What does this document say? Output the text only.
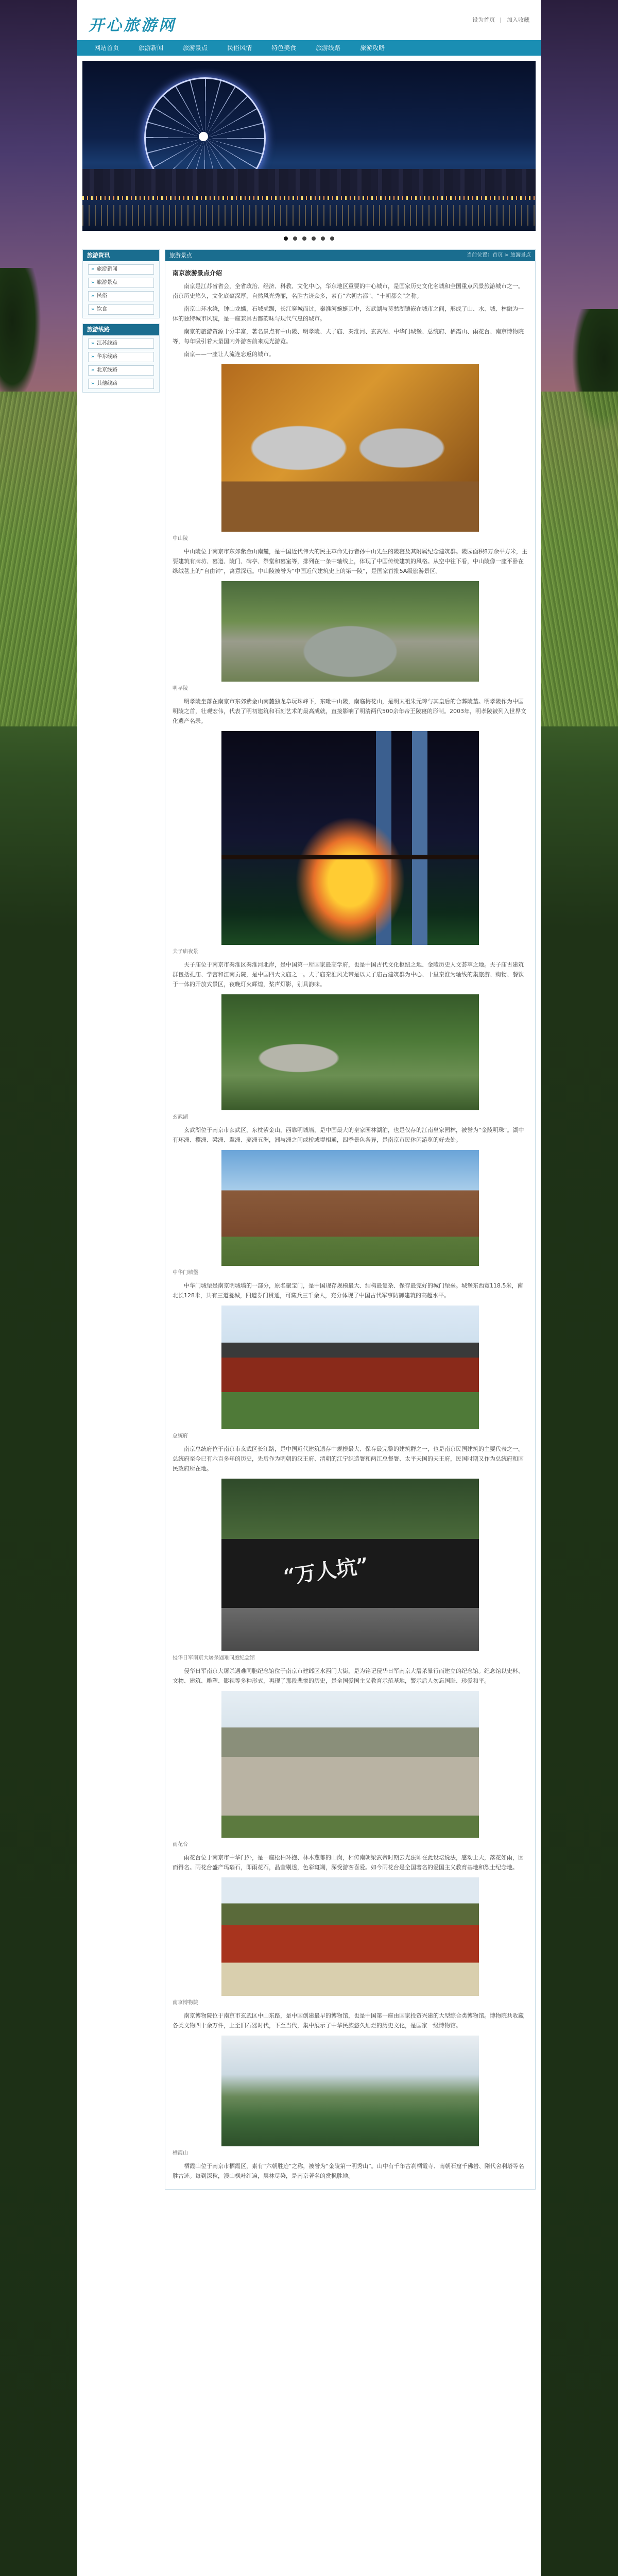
开心旅游网	设为首页 | 加入收藏
网站首页	旅游新闻	旅游景点	民俗风情	特色美食	旅游线路	旅游攻略

旅游资讯
» 旅游新闻
» 旅游景点
» 民俗
» 饮食
旅游线路
» 江苏线路
» 华东线路
» 北京线路
» 其他线路
旅游景点	当前位置：首页 > 旅游景点
南京旅游景点介绍

南京是江苏省省会，全省政治、经济、科教、文化中心，华东地区重要的中心城市，是国家历史文化名城和全国重点风景旅游城市之一。南京历史悠久，文化底蕴深厚，自然风光秀丽，名胜古迹众多，素有“六朝古都”、“十朝都会”之称。

南京山环水绕，钟山龙蟠，石城虎踞，长江穿城而过，秦淮河蜿蜒其中，玄武湖与莫愁湖镶嵌在城市之间，形成了山、水、城、林融为一体的独特城市风貌，是一座兼具古都韵味与现代气息的城市。

南京的旅游资源十分丰富，著名景点有中山陵、明孝陵、夫子庙、秦淮河、玄武湖、中华门城堡、总统府、栖霞山、雨花台、南京博物院等，每年吸引着大量国内外游客前来观光游览。

南京——一座让人流连忘返的城市。

中山陵

中山陵位于南京市东郊紫金山南麓，是中国近代伟大的民主革命先行者孙中山先生的陵寝及其附属纪念建筑群。陵园面积8万余平方米，主要建筑有牌坊、墓道、陵门、碑亭、祭堂和墓室等，排列在一条中轴线上，体现了中国传统建筑的风格。从空中往下看，中山陵像一座平卧在绿绒毯上的“自由钟”，寓意深远。中山陵被誉为“中国近代建筑史上的第一陵”，是国家首批5A级旅游景区。

明孝陵

明孝陵坐落在南京市东郊紫金山南麓独龙阜玩珠峰下，东毗中山陵，南临梅花山，是明太祖朱元璋与其皇后的合葬陵墓。明孝陵作为中国明陵之首，壮观宏伟，代表了明初建筑和石刻艺术的最高成就，直接影响了明清两代500余年帝王陵寝的形制。2003年，明孝陵被列入世界文化遗产名录。

夫子庙夜景

夫子庙位于南京市秦淮区秦淮河北岸，是中国第一所国家最高学府，也是中国古代文化枢纽之地、金陵历史人文荟萃之地。夫子庙古建筑群包括孔庙、学宫和江南贡院，是中国四大文庙之一。夫子庙秦淮风光带是以夫子庙古建筑群为中心、十里秦淮为轴线的集旅游、购物、餐饮于一体的开放式景区，夜晚灯火辉煌，桨声灯影，别具韵味。

玄武湖

玄武湖位于南京市玄武区，东枕紫金山，西靠明城墙，是中国最大的皇家园林湖泊，也是仅存的江南皇家园林，被誉为“金陵明珠”。湖中有环洲、樱洲、梁洲、翠洲、菱洲五洲，洲与洲之间或桥或堤相通，四季景色各异，是南京市民休闲游览的好去处。

中华门城堡

中华门城堡是南京明城墙的一部分，原名聚宝门，是中国现存规模最大、结构最复杂、保存最完好的城门堡垒。城堡东西宽118.5米，南北长128米，共有三道瓮城，四道券门贯通，可藏兵三千余人，充分体现了中国古代军事防御建筑的高超水平。

总统府

南京总统府位于南京市玄武区长江路，是中国近代建筑遗存中规模最大、保存最完整的建筑群之一，也是南京民国建筑的主要代表之一。总统府至今已有六百多年的历史，先后作为明朝的汉王府、清朝的江宁织造署和两江总督署、太平天国的天王府，民国时期又作为总统府和国民政府所在地。

“万人坑”

侵华日军南京大屠杀遇难同胞纪念馆

侵华日军南京大屠杀遇难同胞纪念馆位于南京市建邺区水西门大街，是为铭记侵华日军南京大屠杀暴行而建立的纪念馆。纪念馆以史料、文物、建筑、雕塑、影视等多种形式，再现了那段悲惨的历史，是全国爱国主义教育示范基地，警示后人勿忘国耻、珍爱和平。

雨花台

雨花台位于南京市中华门外，是一座松柏环抱、林木葱郁的山岗，相传南朝梁武帝时期云光法师在此设坛说法，感动上天，落花如雨，因而得名。雨花台盛产玛瑙石，即雨花石，晶莹剔透，色彩斑斓，深受游客喜爱。如今雨花台是全国著名的爱国主义教育基地和烈士纪念地。

南京博物院

南京博物院位于南京市玄武区中山东路，是中国创建最早的博物馆，也是中国第一座由国家投资兴建的大型综合类博物馆。博物院共收藏各类文物四十余万件，上至旧石器时代，下至当代，集中展示了中华民族悠久灿烂的历史文化，是国家一级博物馆。

栖霞山

栖霞山位于南京市栖霞区，素有“六朝胜迹”之称，被誉为“金陵第一明秀山”。山中有千年古刹栖霞寺、南朝石窟千佛岩、隋代舍利塔等名胜古迹。每到深秋，漫山枫叶红遍，层林尽染，是南京著名的赏枫胜地。
